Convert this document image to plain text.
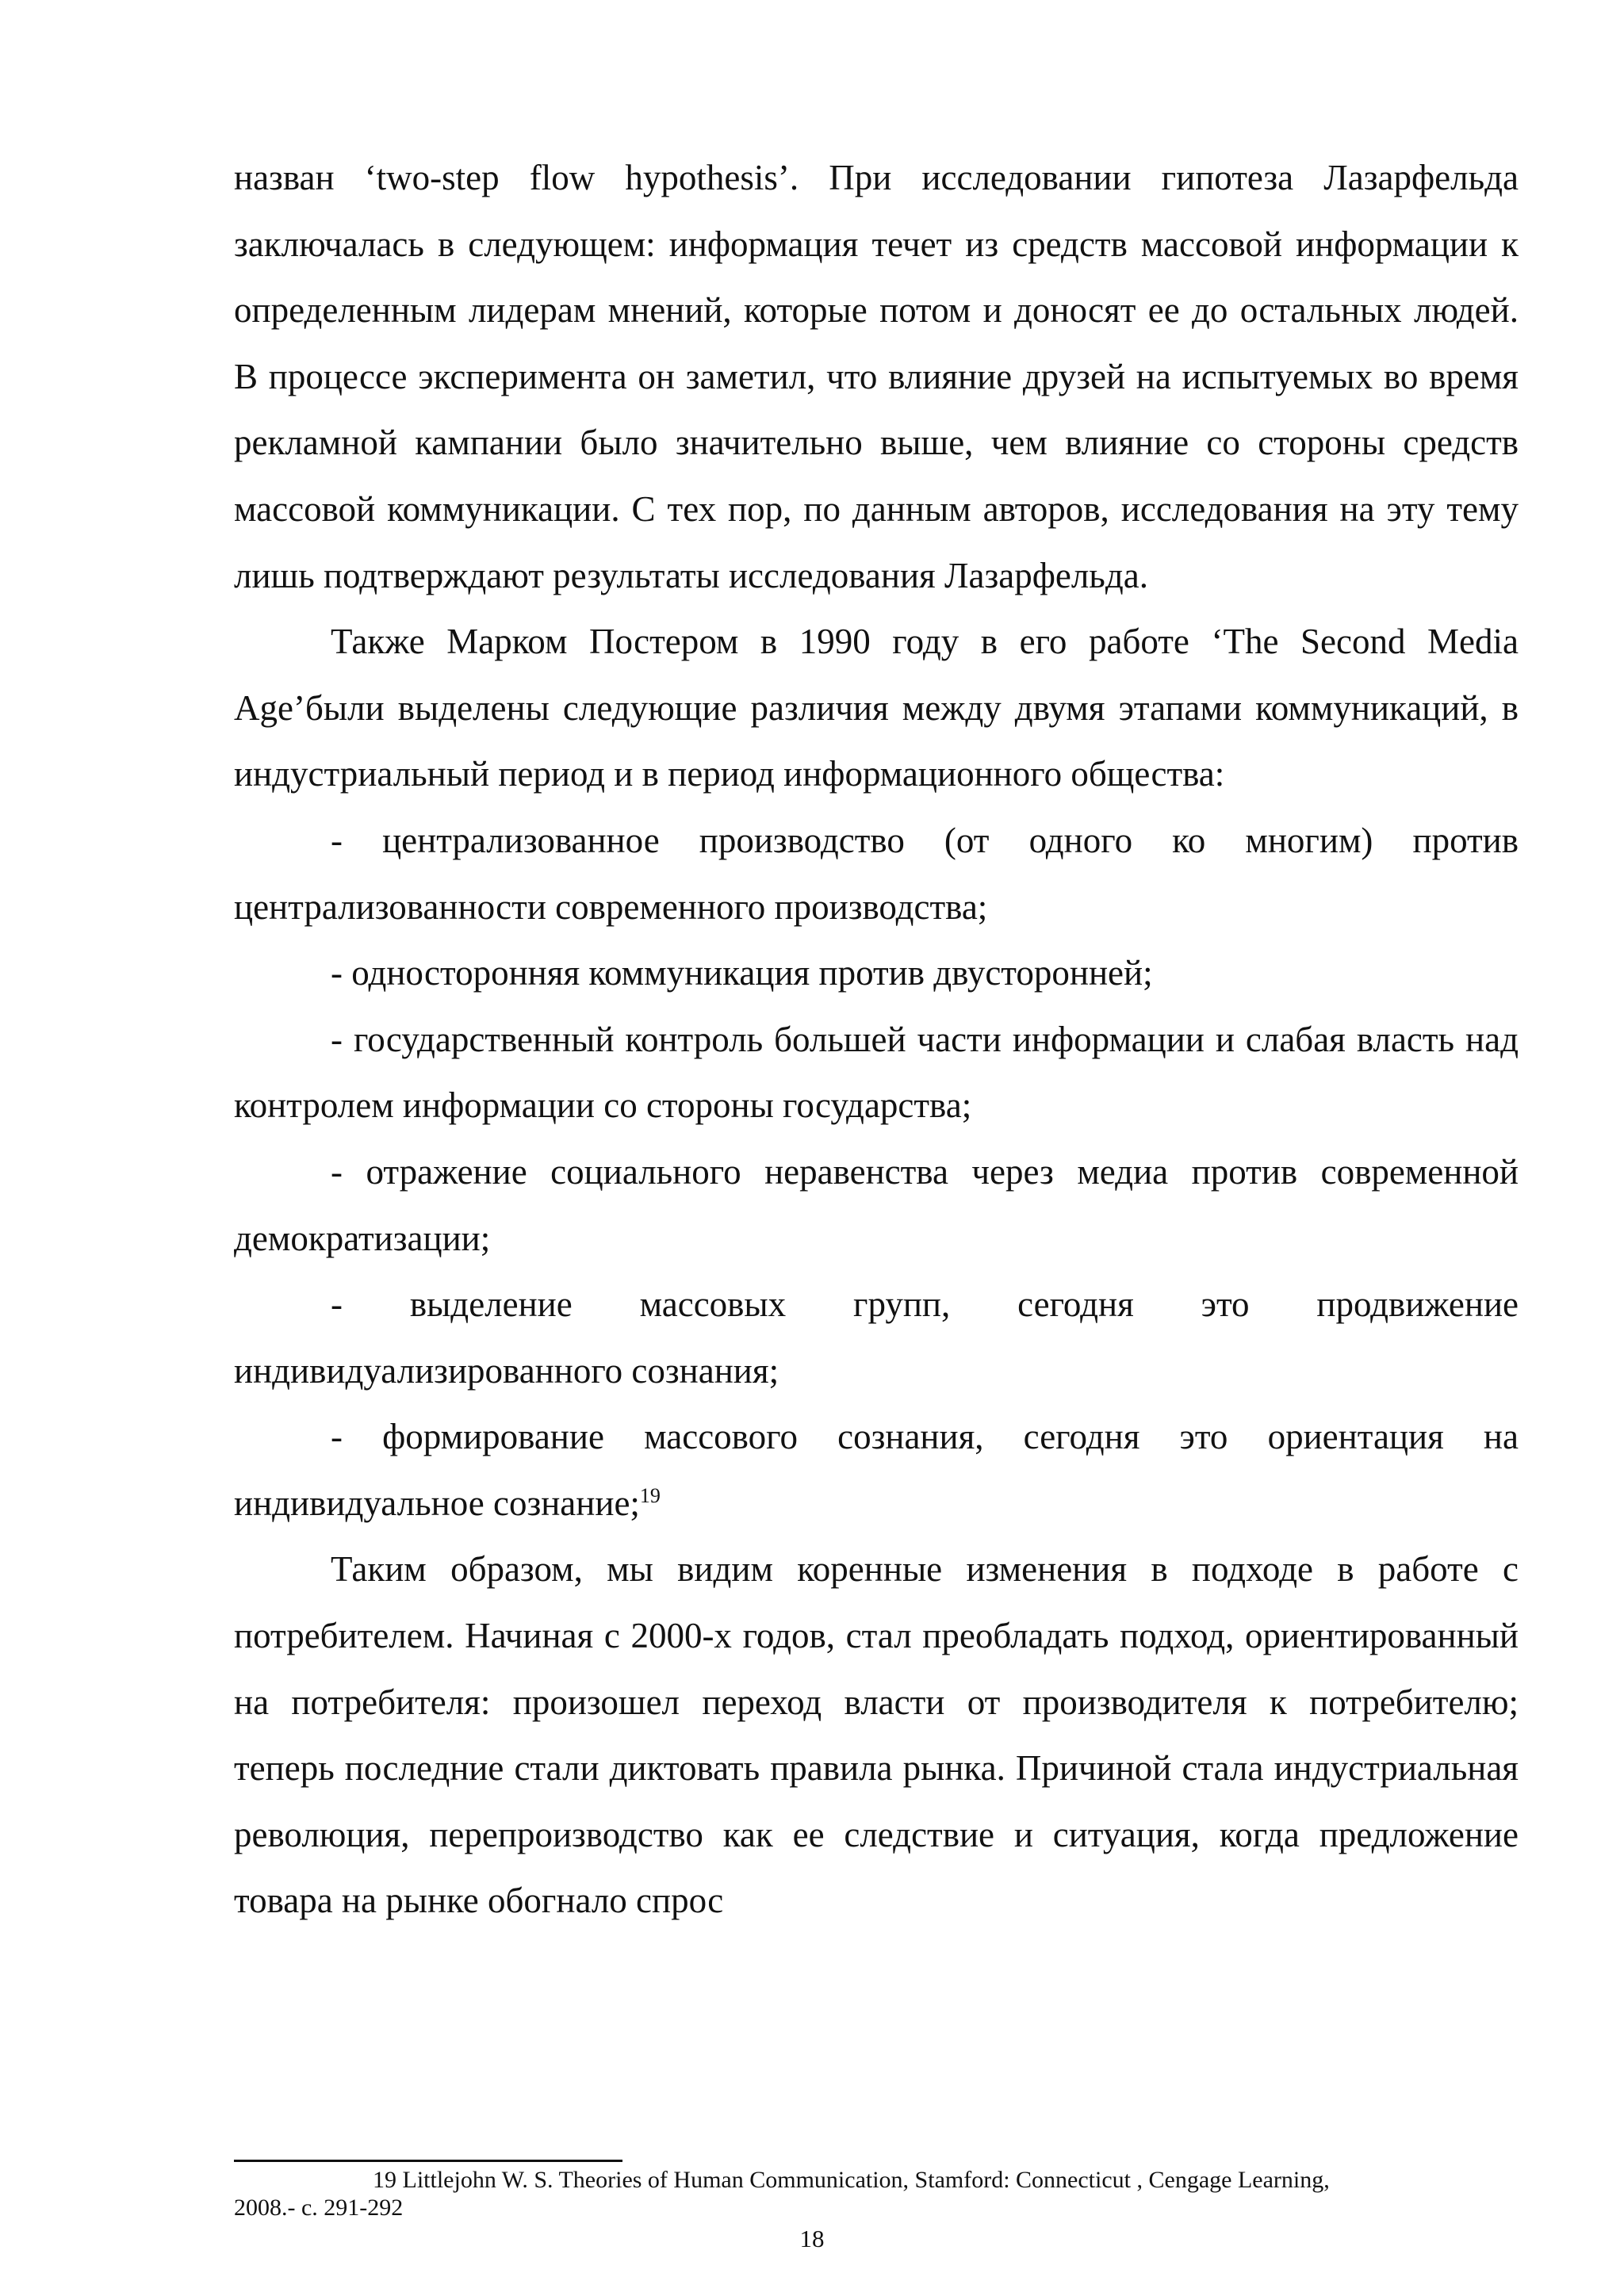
назван ‘two-step flow hypothesis’. При исследовании гипотеза Лазарфельда заключалась в следующем: информация течет из средств массовой информации к определенным лидерам мнений, которые потом и доносят ее до остальных людей. В процессе эксперимента он заметил, что влияние друзей на испытуемых во время рекламной кампании было значительно выше, чем влияние со стороны средств массовой коммуникации. С тех пор, по данным авторов, исследования на эту тему лишь подтверждают результаты исследования Лазарфельда.

Также Марком Постером в 1990 году в его работе ‘The Second Media Age’были выделены следующие различия между двумя этапами коммуникаций, в индустриальный период и в период информационного общества:

- централизованное производство (от одного ко многим) против централизованности современного производства;

- односторонняя коммуникация против двусторонней;

- государственный контроль большей части информации и слабая власть над контролем информации со стороны государства;

- отражение социального неравенства через медиа против современной демократизации;

- выделение массовых групп, сегодня это продвижение индивидуализированного сознания;

- формирование массового сознания, сегодня это ориентация на индивидуальное сознание;$^{19}$

Таким образом, мы видим коренные изменения в подходе в работе с потребителем. Начиная с 2000-х годов, стал преобладать подход, ориентированный на потребителя: произошел переход власти от производителя к потребителю; теперь последние стали диктовать правила рынка. Причиной стала индустриальная революция, перепроизводство как ее следствие и ситуация, когда предложение товара на рынке обогнало спрос

19 Littlejohn W. S. Theories of Human Communication, Stamford: Connecticut , Cengage Learning,
2008.- с. 291-292
18
